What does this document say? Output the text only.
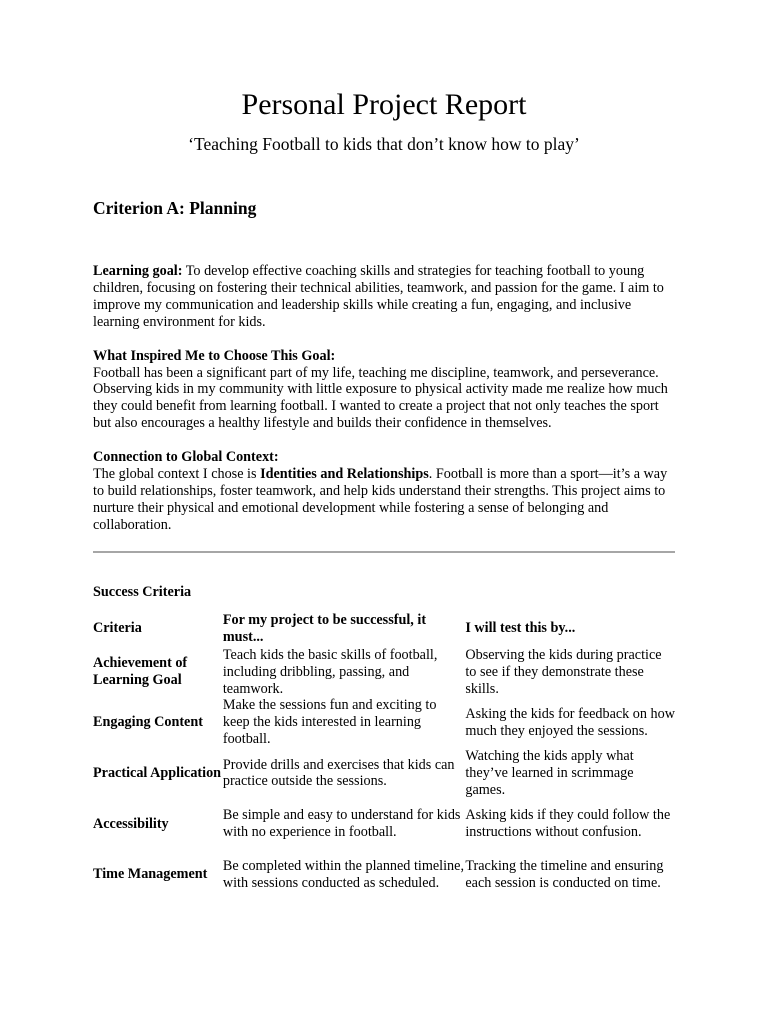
Personal Project Report

‘Teaching Football to kids that don’t know how to play’

Criterion A: Planning

Learning goal: To develop effective coaching skills and strategies for teaching football to young children, focusing on fostering their technical abilities, teamwork, and passion for the game. I aim to improve my communication and leadership skills while creating a fun, engaging, and inclusive learning environment for kids.

What Inspired Me to Choose This Goal:
Football has been a significant part of my life, teaching me discipline, teamwork, and perseverance. Observing kids in my community with little exposure to physical activity made me realize how much they could benefit from learning football. I wanted to create a project that not only teaches the sport but also encourages a healthy lifestyle and builds their confidence in themselves.
Connection to Global Context:
The global context I chose is Identities and Relationships. Football is more than a sport—it’s a way to build relationships, foster teamwork, and help kids understand their strengths. This project aims to nurture their physical and emotional development while fostering a sense of belonging and collaboration.

Success Criteria

Criteria	For my project to be successful, it must...	I will test this by...
Achievement of Learning Goal	Teach kids the basic skills of football, including dribbling, passing, and teamwork.	Observing the kids during practice to see if they demonstrate these skills.
Engaging Content	Make the sessions fun and exciting to keep the kids interested in learning football.	Asking the kids for feedback on how much they enjoyed the sessions.
Practical Application	Provide drills and exercises that kids can practice outside the sessions.	Watching the kids apply what they’ve learned in scrimmage games.
Accessibility	Be simple and easy to understand for kids with no experience in football.	Asking kids if they could follow the instructions without confusion.
Time Management	Be completed within the planned timeline, with sessions conducted as scheduled.	Tracking the timeline and ensuring each session is conducted on time.
